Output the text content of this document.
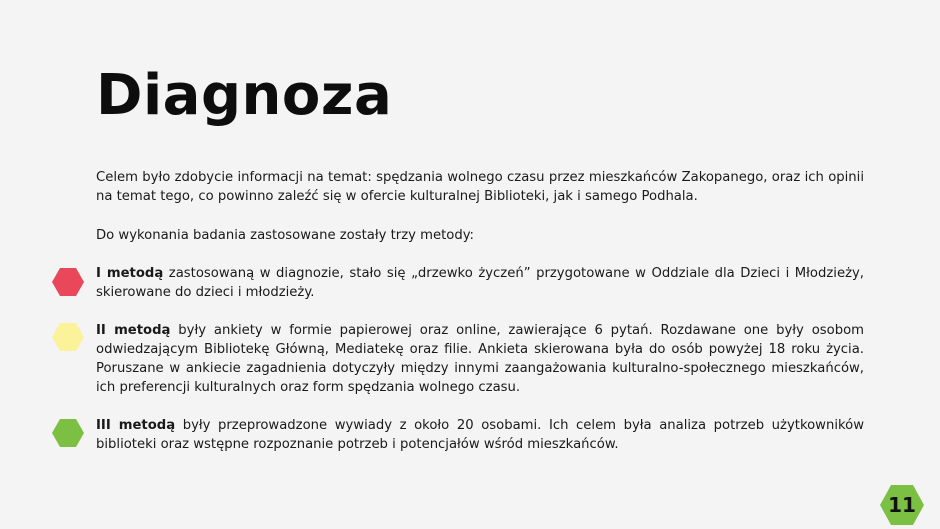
Diagnoza

Celem było zdobycie informacji na temat: spędzania wolnego czasu przez mieszkańców Zakopanego, oraz ich opinii na temat tego, co powinno zaleźć się w ofercie kulturalnej Biblioteki, jak i samego Podhala.

Do wykonania badania zastosowane zostały trzy metody:

I metodą zastosowaną w diagnozie, stało się „drzewko życzeń” przygotowane w Oddziale dla Dzieci i Młodzieży, skierowane do dzieci i młodzieży.

II metodą były ankiety w formie papierowej oraz online, zawierające 6 pytań. Rozdawane one były osobom odwiedzającym Bibliotekę Główną, Mediatekę oraz filie. Ankieta skierowana była do osób powyżej 18 roku życia. Poruszane w ankiecie zagadnienia dotyczyły między innymi zaangażowania kulturalno-społecznego mieszkańców, ich preferencji kulturalnych oraz form spędzania wolnego czasu.

III metodą były przeprowadzone wywiady z około 20 osobami. Ich celem była analiza potrzeb użytkowników biblioteki oraz wstępne rozpoznanie potrzeb i potencjałów wśród mieszkańców.

11
